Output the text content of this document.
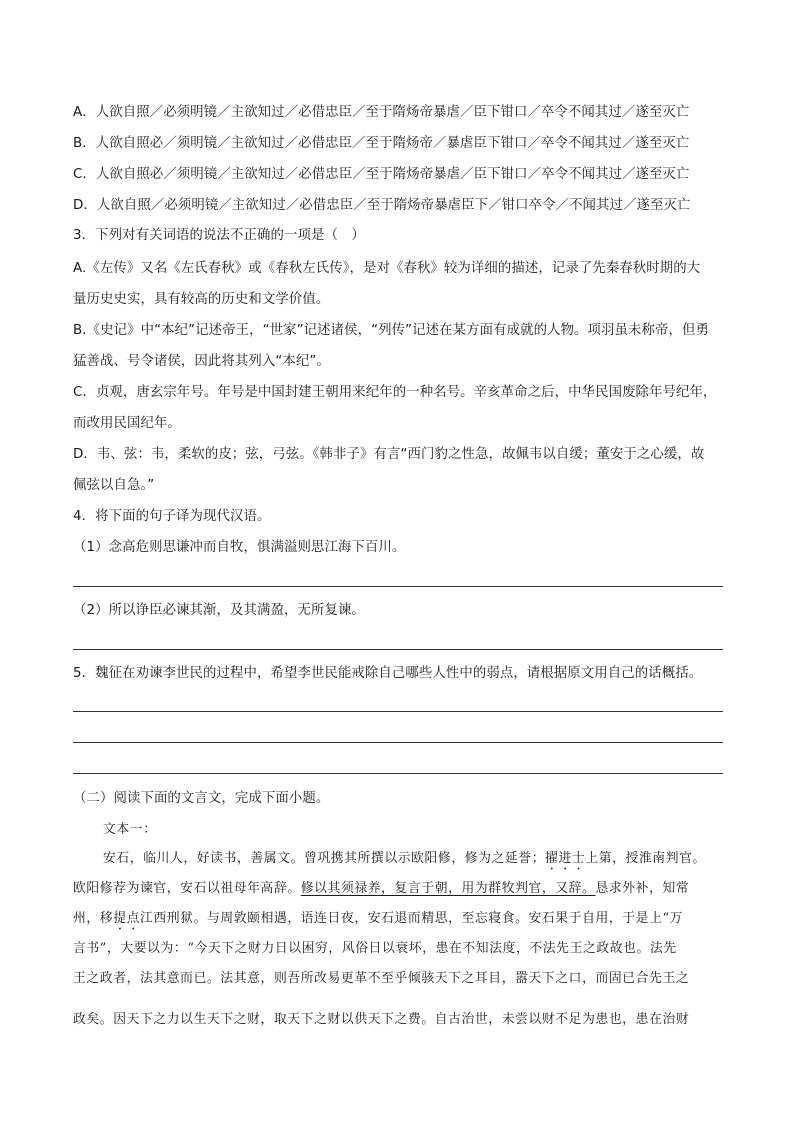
A．人欲自照／必须明镜／主欲知过／必借忠臣／至于隋炀帝暴虐／臣下钳口／卒令不闻其过／遂至灭亡
B．人欲自照必／须明镜／主欲知过／必借忠臣／至于隋炀帝／暴虐臣下钳口／卒令不闻其过／遂至灭亡
C．人欲自照必／须明镜／主欲知过／必借忠臣／至于隋炀帝暴虐／臣下钳口／卒令不闻其过／遂至灭亡
D．人欲自照／必须明镜／主欲知过／必借忠臣／至于隋炀帝暴虐臣下／钳口卒令／不闻其过／遂至灭亡
3．下列对有关词语的说法不正确的一项是（　）
A.《左传》又名《左氏春秋》或《春秋左氏传》，是对《春秋》较为详细的描述，记录了先秦春秋时期的大
量历史史实，具有较高的历史和文学价值。
B.《史记》中“本纪”记述帝王，“世家”记述诸侯，“列传”记述在某方面有成就的人物。项羽虽未称帝，但勇
猛善战、号令诸侯，因此将其列入“本纪”。
C．贞观，唐玄宗年号。年号是中国封建王朝用来纪年的一种名号。辛亥革命之后，中华民国废除年号纪年，
而改用民国纪年。
D．韦、弦：韦，柔软的皮；弦，弓弦。《韩非子》有言“西门豹之性急，故佩韦以自缓；董安于之心缓，故
佩弦以自急。”
4．将下面的句子译为现代汉语。
（1）念高危则思谦冲而自牧，惧满溢则思江海下百川。
（2）所以诤臣必谏其渐，及其满盈，无所复谏。
5．魏征在劝谏李世民的过程中，希望李世民能戒除自己哪些人性中的弱点，请根据原文用自己的话概括。
（二）阅读下面的文言文，完成下面小题。
文本一：
安石，临川人，好读书，善属文。曾巩携其所撰以示欧阳修，修为之延誉；擢进士上第，授淮南判官。
欧阳修荐为谏官，安石以祖母年高辞。修以其须禄养，复言于朝，用为群牧判官，又辞。恳求外补，知常
州，移提点江西刑狱。与周敦颐相遇，语连日夜，安石退而精思，至忘寝食。安石果于自用，于是上“万
言书”，大要以为：“今天下之财力日以困穷，风俗日以衰坏，患在不知法度，不法先王之政故也。法先
王之政者，法其意而已。法其意，则吾所改易更革不至乎倾骇天下之耳目，嚣天下之口，而固已合先王之
政矣。因天下之力以生天下之财，取天下之财以供天下之费。自古治世，未尝以财不足为患也，患在治财
